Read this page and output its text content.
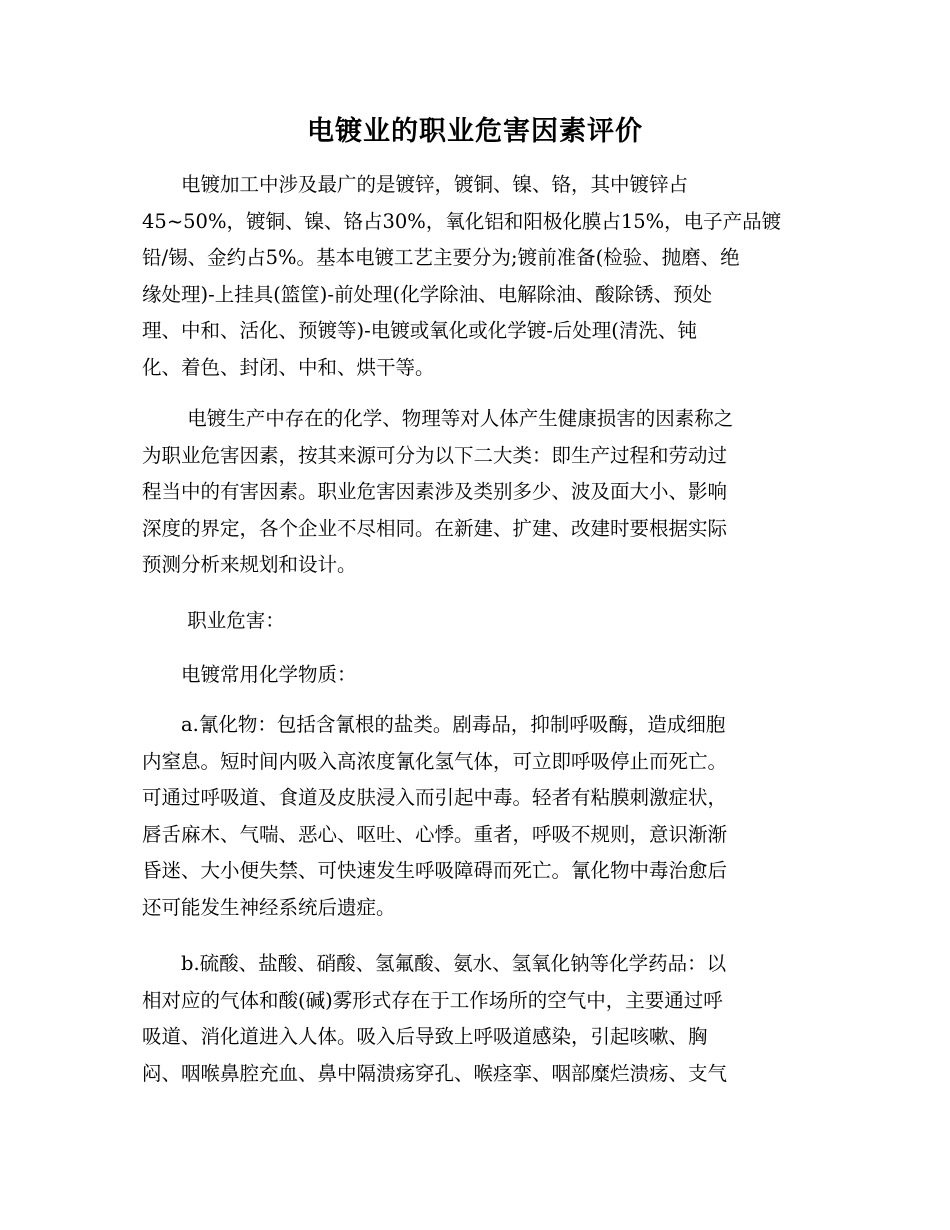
电镀业的职业危害因素评价
　　电镀加工中涉及最广的是镀锌，镀铜、镍、铬，其中镀锌占
45~50%，镀铜、镍、铬占30%，氧化铝和阳极化膜占15%，电子产品镀
铅/锡、金约占5%。基本电镀工艺主要分为;镀前准备(检验、抛磨、绝
缘处理)-上挂具(篮筐)-前处理(化学除油、电解除油、酸除锈、预处
理、中和、活化、预镀等)-电镀或氧化或化学镀-后处理(清洗、钝
化、着色、封闭、中和、烘干等。
　　 电镀生产中存在的化学、物理等对人体产生健康损害的因素称之
为职业危害因素，按其来源可分为以下二大类：即生产过程和劳动过
程当中的有害因素。职业危害因素涉及类别多少、波及面大小、影响
深度的界定，各个企业不尽相同。在新建、扩建、改建时要根据实际
预测分析来规划和设计。
　　 职业危害：
　　电镀常用化学物质：
　　a.氰化物：包括含氰根的盐类。剧毒品，抑制呼吸酶，造成细胞
内窒息。短时间内吸入高浓度氰化氢气体，可立即呼吸停止而死亡。
可通过呼吸道、食道及皮肤浸入而引起中毒。轻者有粘膜刺激症状，
唇舌麻木、气喘、恶心、呕吐、心悸。重者，呼吸不规则，意识渐渐
昏迷、大小便失禁、可快速发生呼吸障碍而死亡。氰化物中毒治愈后
还可能发生神经系统后遗症。
　　b.硫酸、盐酸、硝酸、氢氟酸、氨水、氢氧化钠等化学药品：以
相对应的气体和酸(碱)雾形式存在于工作场所的空气中，主要通过呼
吸道、消化道进入人体。吸入后导致上呼吸道感染，引起咳嗽、胸
闷、咽喉鼻腔充血、鼻中隔溃疡穿孔、喉痉挛、咽部糜烂溃疡、支气
